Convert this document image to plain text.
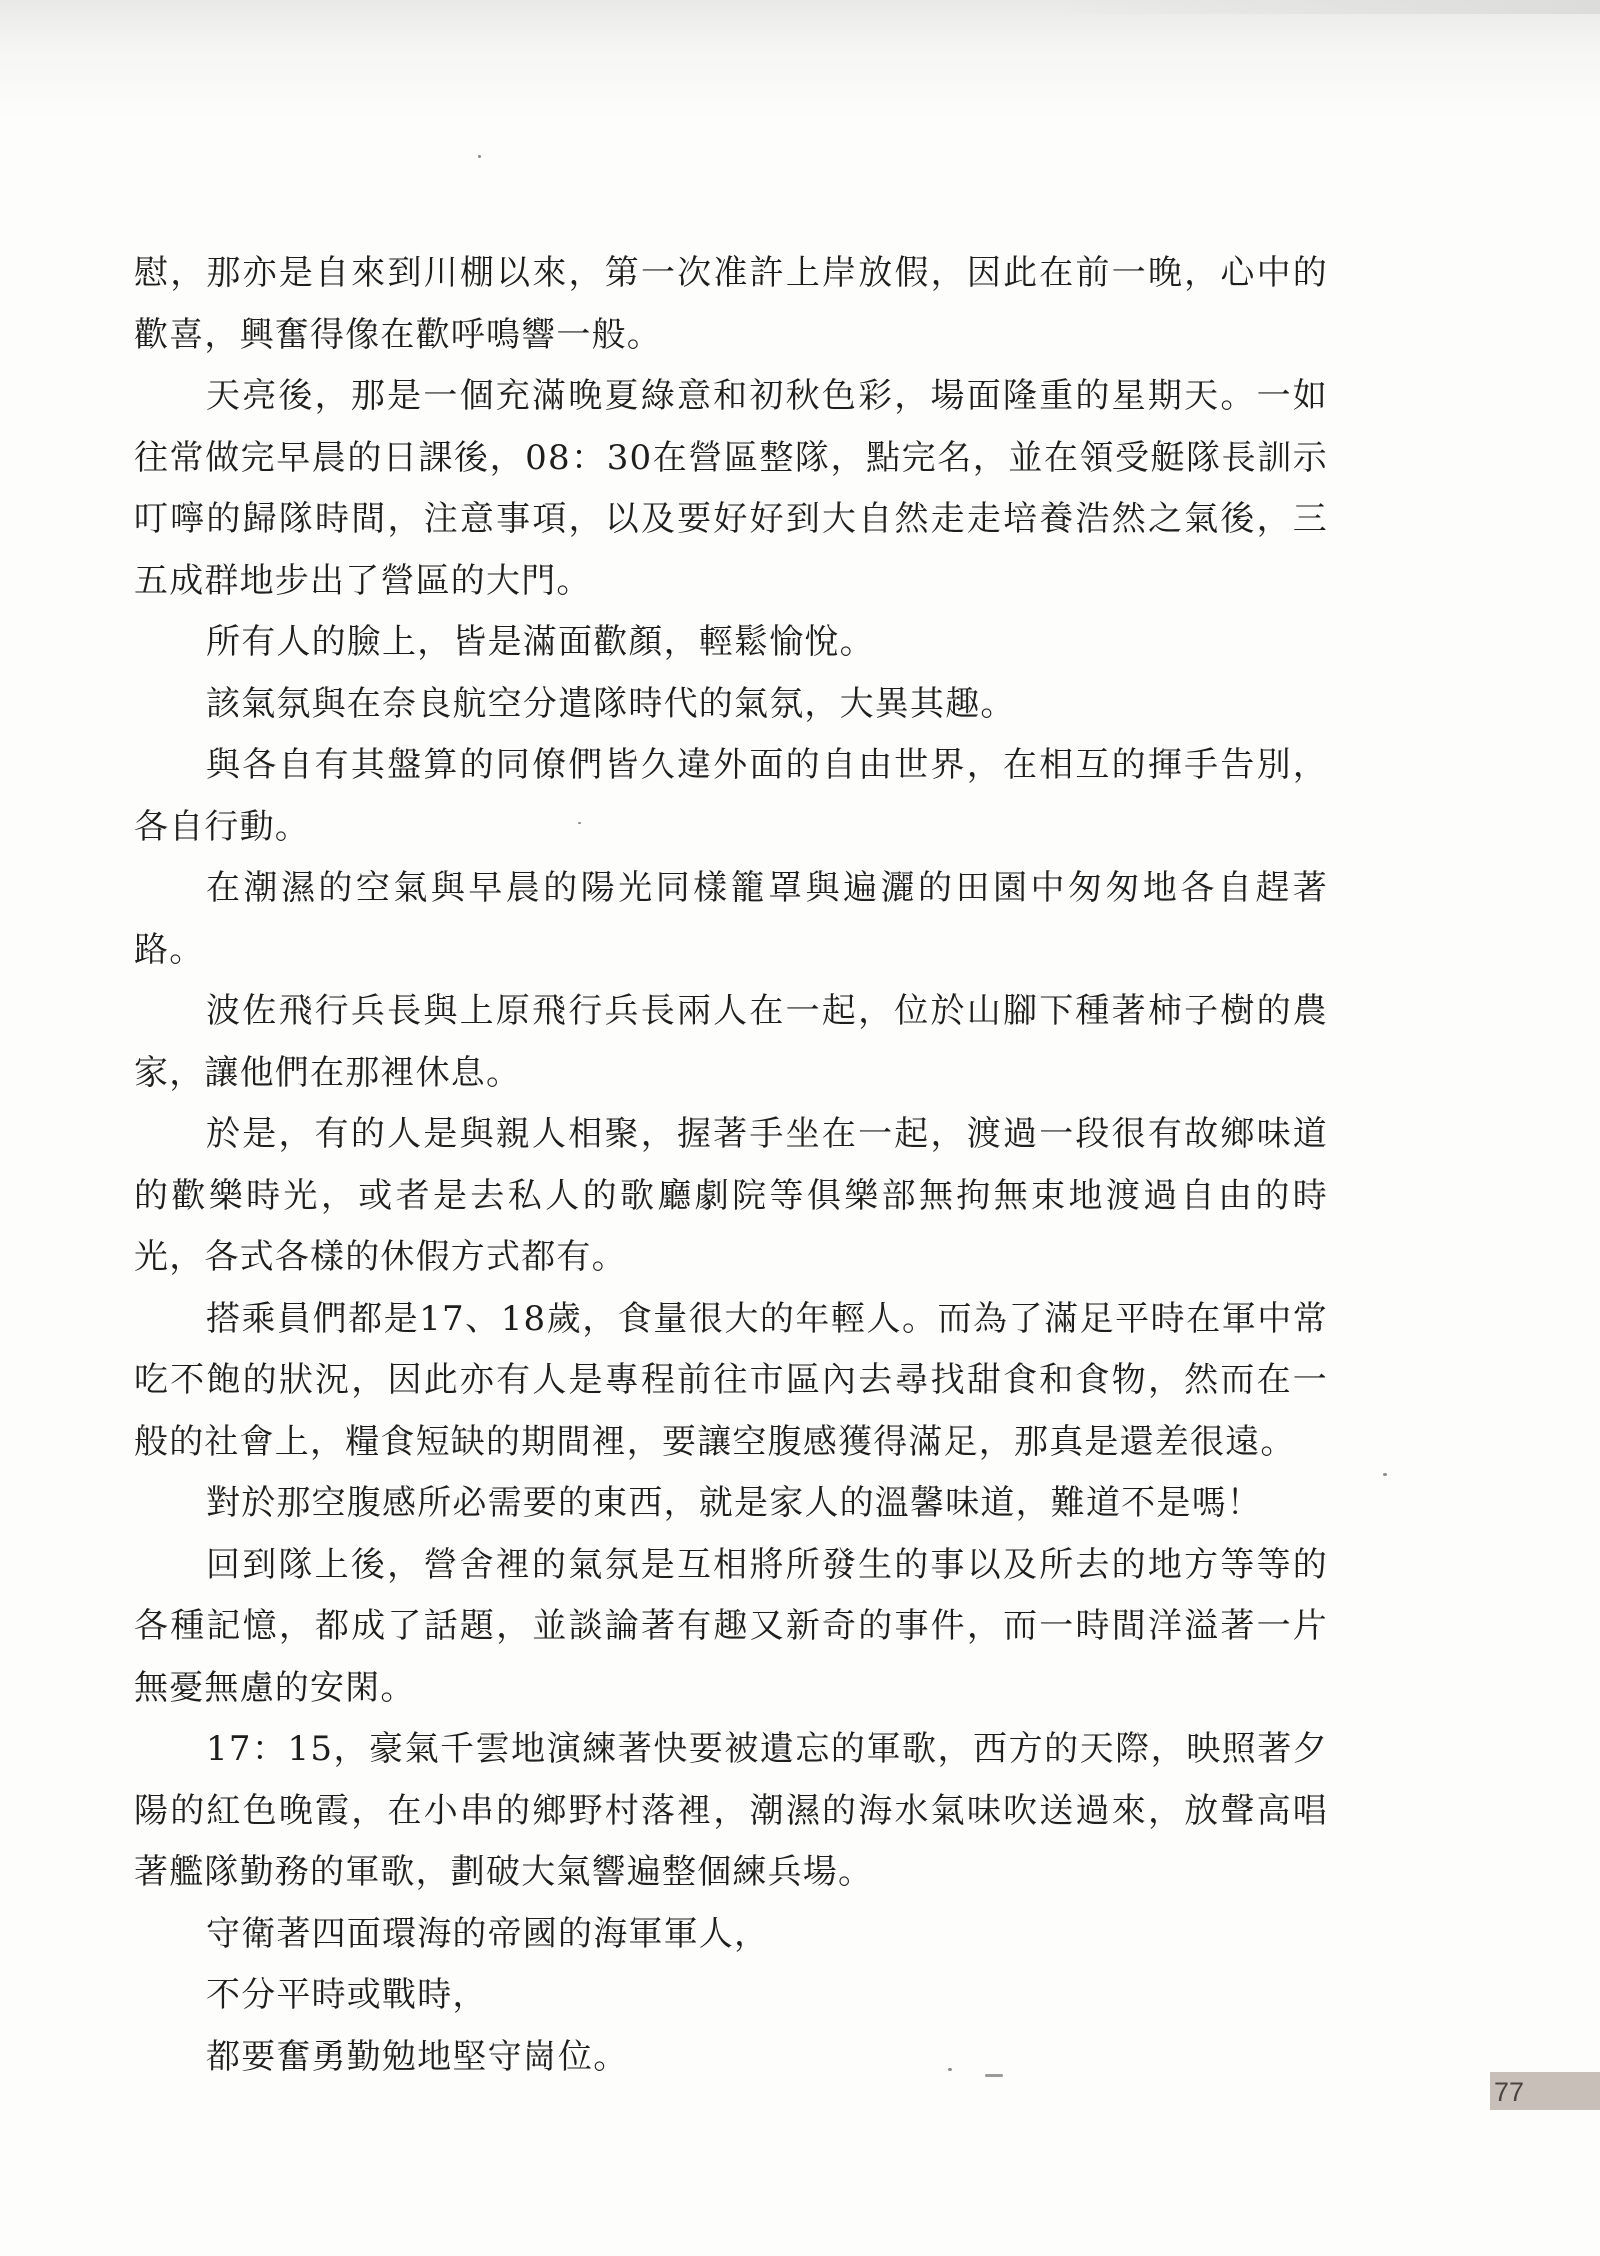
慰，那亦是自來到川棚以來，第一次准許上岸放假，因此在前一晚，心中的歡喜，興奮得像在歡呼鳴響一般。

天亮後，那是一個充滿晚夏綠意和初秋色彩，場面隆重的星期天。一如往常做完早晨的日課後，08：30在營區整隊，點完名，並在領受艇隊長訓示叮嚀的歸隊時間，注意事項，以及要好好到大自然走走培養浩然之氣後，三五成群地步出了營區的大門。

所有人的臉上，皆是滿面歡顏，輕鬆愉悅。

該氣氛與在奈良航空分遣隊時代的氣氛，大異其趣。

與各自有其盤算的同僚們皆久違外面的自由世界，在相互的揮手告別，各自行動。

在潮濕的空氣與早晨的陽光同樣籠罩與遍灑的田園中匆匆地各自趕著路。

波佐飛行兵長與上原飛行兵長兩人在一起，位於山腳下種著柿子樹的農家，讓他們在那裡休息。

於是，有的人是與親人相聚，握著手坐在一起，渡過一段很有故鄉味道的歡樂時光，或者是去私人的歌廳劇院等俱樂部無拘無束地渡過自由的時光，各式各樣的休假方式都有。

搭乘員們都是17、18歲，食量很大的年輕人。而為了滿足平時在軍中常吃不飽的狀況，因此亦有人是專程前往市區內去尋找甜食和食物，然而在一般的社會上，糧食短缺的期間裡，要讓空腹感獲得滿足，那真是還差很遠。

對於那空腹感所必需要的東西，就是家人的溫馨味道，難道不是嗎！

回到隊上後，營舍裡的氣氛是互相將所發生的事以及所去的地方等等的各種記憶，都成了話題，並談論著有趣又新奇的事件，而一時間洋溢著一片無憂無慮的安閑。

17：15，豪氣千雲地演練著快要被遺忘的軍歌，西方的天際，映照著夕陽的紅色晚霞，在小串的鄉野村落裡，潮濕的海水氣味吹送過來，放聲高唱著艦隊勤務的軍歌，劃破大氣響遍整個練兵場。

守衛著四面環海的帝國的海軍軍人，

不分平時或戰時，

都要奮勇勤勉地堅守崗位。

77
